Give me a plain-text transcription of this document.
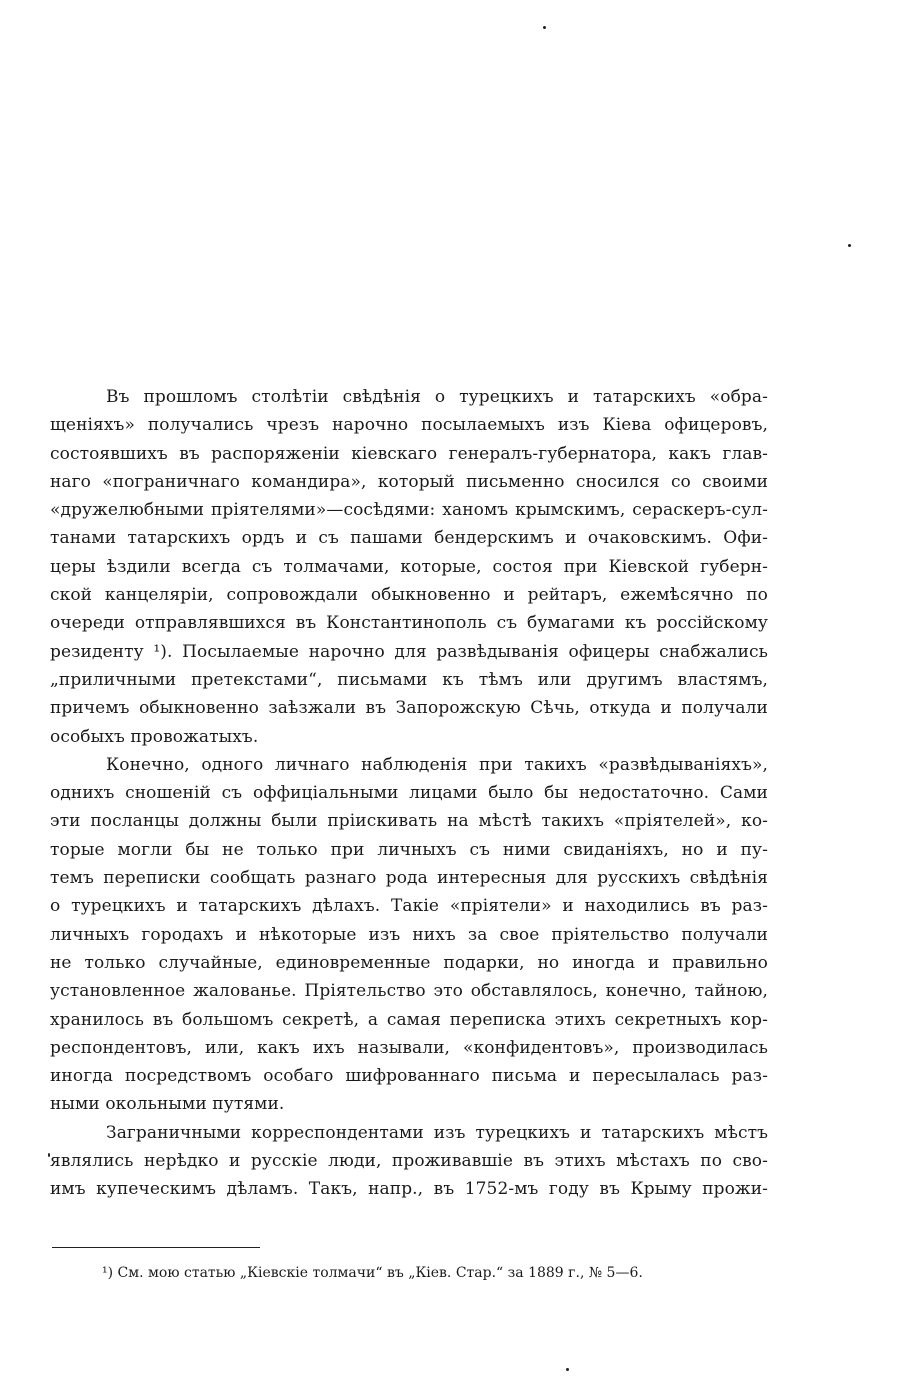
Въ прошломъ столѣтіи свѣдѣнія о турецкихъ и татарскихъ «обра-
щеніяхъ» получались чрезъ нарочно посылаемыхъ изъ Кіева офицеровъ,
состоявшихъ въ распоряженіи кіевскаго генералъ-губернатора, какъ глав-
наго «пограничнаго командира», который письменно сносился со своими
«дружелюбными пріятелями»—сосѣдями: ханомъ крымскимъ, сераскеръ-сул-
танами татарскихъ ордъ и съ пашами бендерскимъ и очаковскимъ. Офи-
церы ѣздили всегда съ толмачами, которые, состоя при Кіевской губерн-
ской канцеляріи, сопровождали обыкновенно и рейтаръ, ежемѣсячно по
очереди отправлявшихся въ Константинополь съ бумагами къ россійскому
резиденту ¹). Посылаемые нарочно для развѣдыванія офицеры снабжались
„приличными претекстами“, письмами къ тѣмъ или другимъ властямъ,
причемъ обыкновенно заѣзжали въ Запорожскую Сѣчь, откуда и получали
особыхъ провожатыхъ.
Конечно, одного личнаго наблюденія при такихъ «развѣдываніяхъ»,
однихъ сношеній съ оффиціальными лицами было бы недостаточно. Сами
эти посланцы должны были пріискивать на мѣстѣ такихъ «пріятелей», ко-
торые могли бы не только при личныхъ съ ними свиданіяхъ, но и пу-
темъ переписки сообщать разнаго рода интересныя для русскихъ свѣдѣнія
о турецкихъ и татарскихъ дѣлахъ. Такіе «пріятели» и находились въ раз-
личныхъ городахъ и нѣкоторые изъ нихъ за свое пріятельство получали
не только случайные, единовременные подарки, но иногда и правильно
установленное жалованье. Пріятельство это обставлялось, конечно, тайною,
хранилось въ большомъ секретѣ, а самая переписка этихъ секретныхъ кор-
респондентовъ, или, какъ ихъ называли, «конфидентовъ», производилась
иногда посредствомъ особаго шифрованнаго письма и пересылалась раз-
ными окольными путями.
Заграничными корреспондентами изъ турецкихъ и татарскихъ мѣстъ
являлись нерѣдко и русскіе люди, проживавшіе въ этихъ мѣстахъ по сво-
имъ купеческимъ дѣламъ. Такъ, напр., въ 1752-мъ году въ Крыму прожи-
¹) См. мою статью „Кіевскіе толмачи“ въ „Кіев. Стар.“ за 1889 г., № 5—6.
